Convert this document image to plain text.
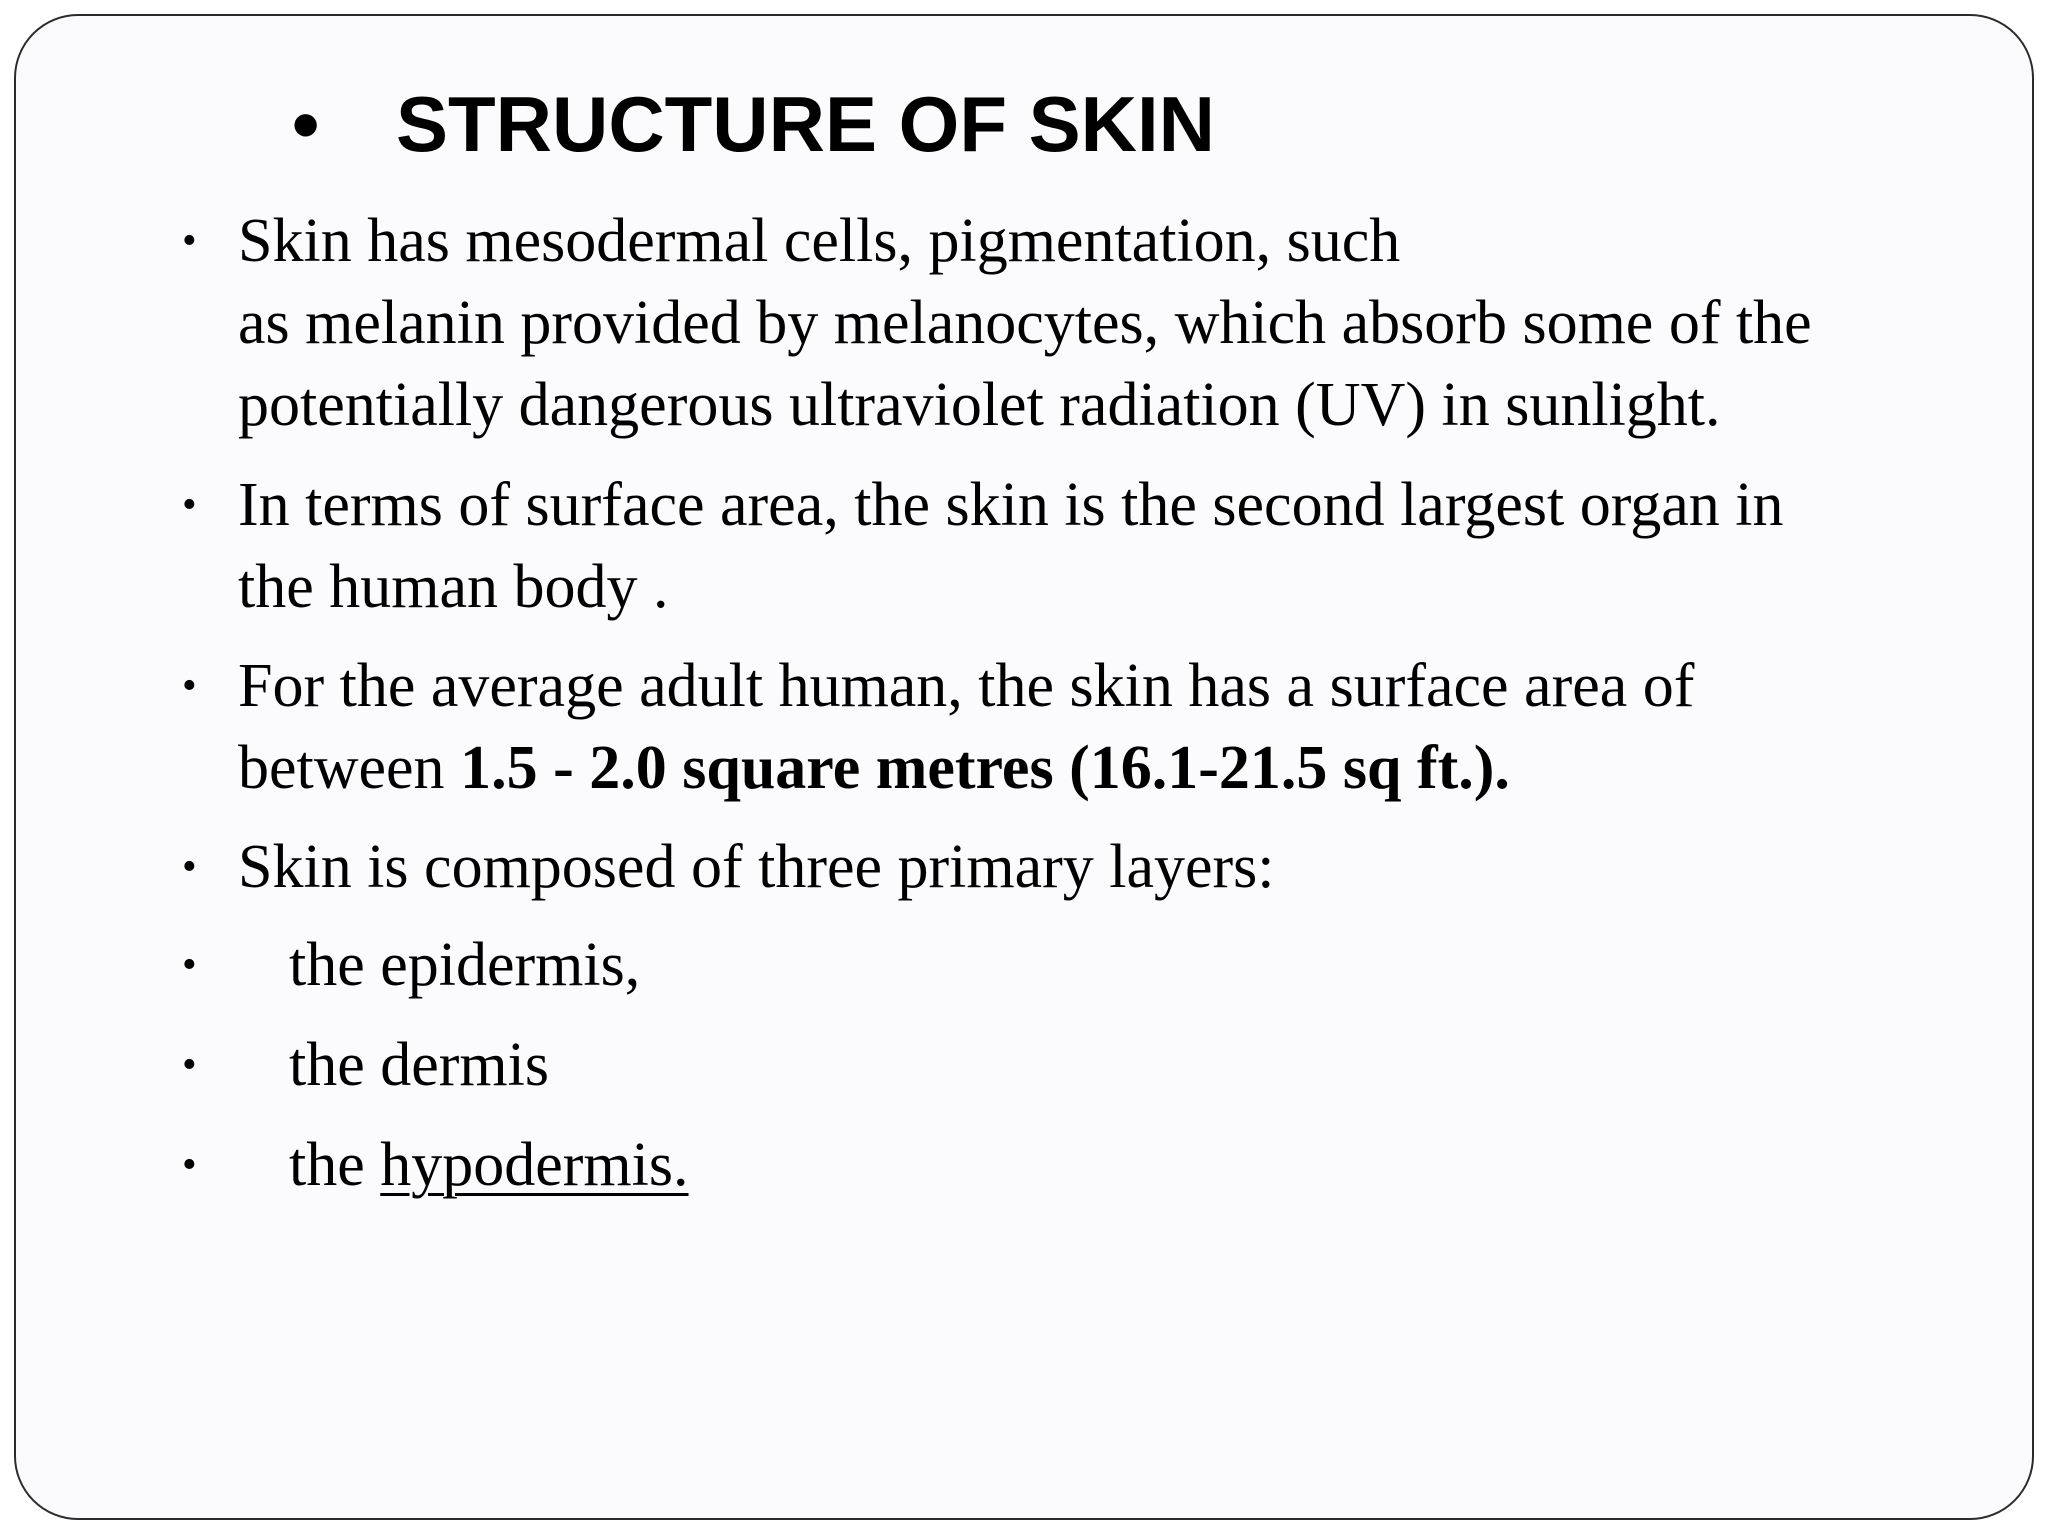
• STRUCTURE OF SKIN
• Skin has mesodermal cells, pigmentation, such
as melanin provided by melanocytes, which absorb some of the
potentially dangerous ultraviolet radiation (UV) in sunlight.
• In terms of surface area, the skin is the second largest organ in
the human body .
• For the average adult human, the skin has a surface area of
between 1.5 - 2.0 square metres (16.1-21.5 sq ft.).
• Skin is composed of three primary layers:
• the epidermis,
• the dermis
• the hypodermis.
